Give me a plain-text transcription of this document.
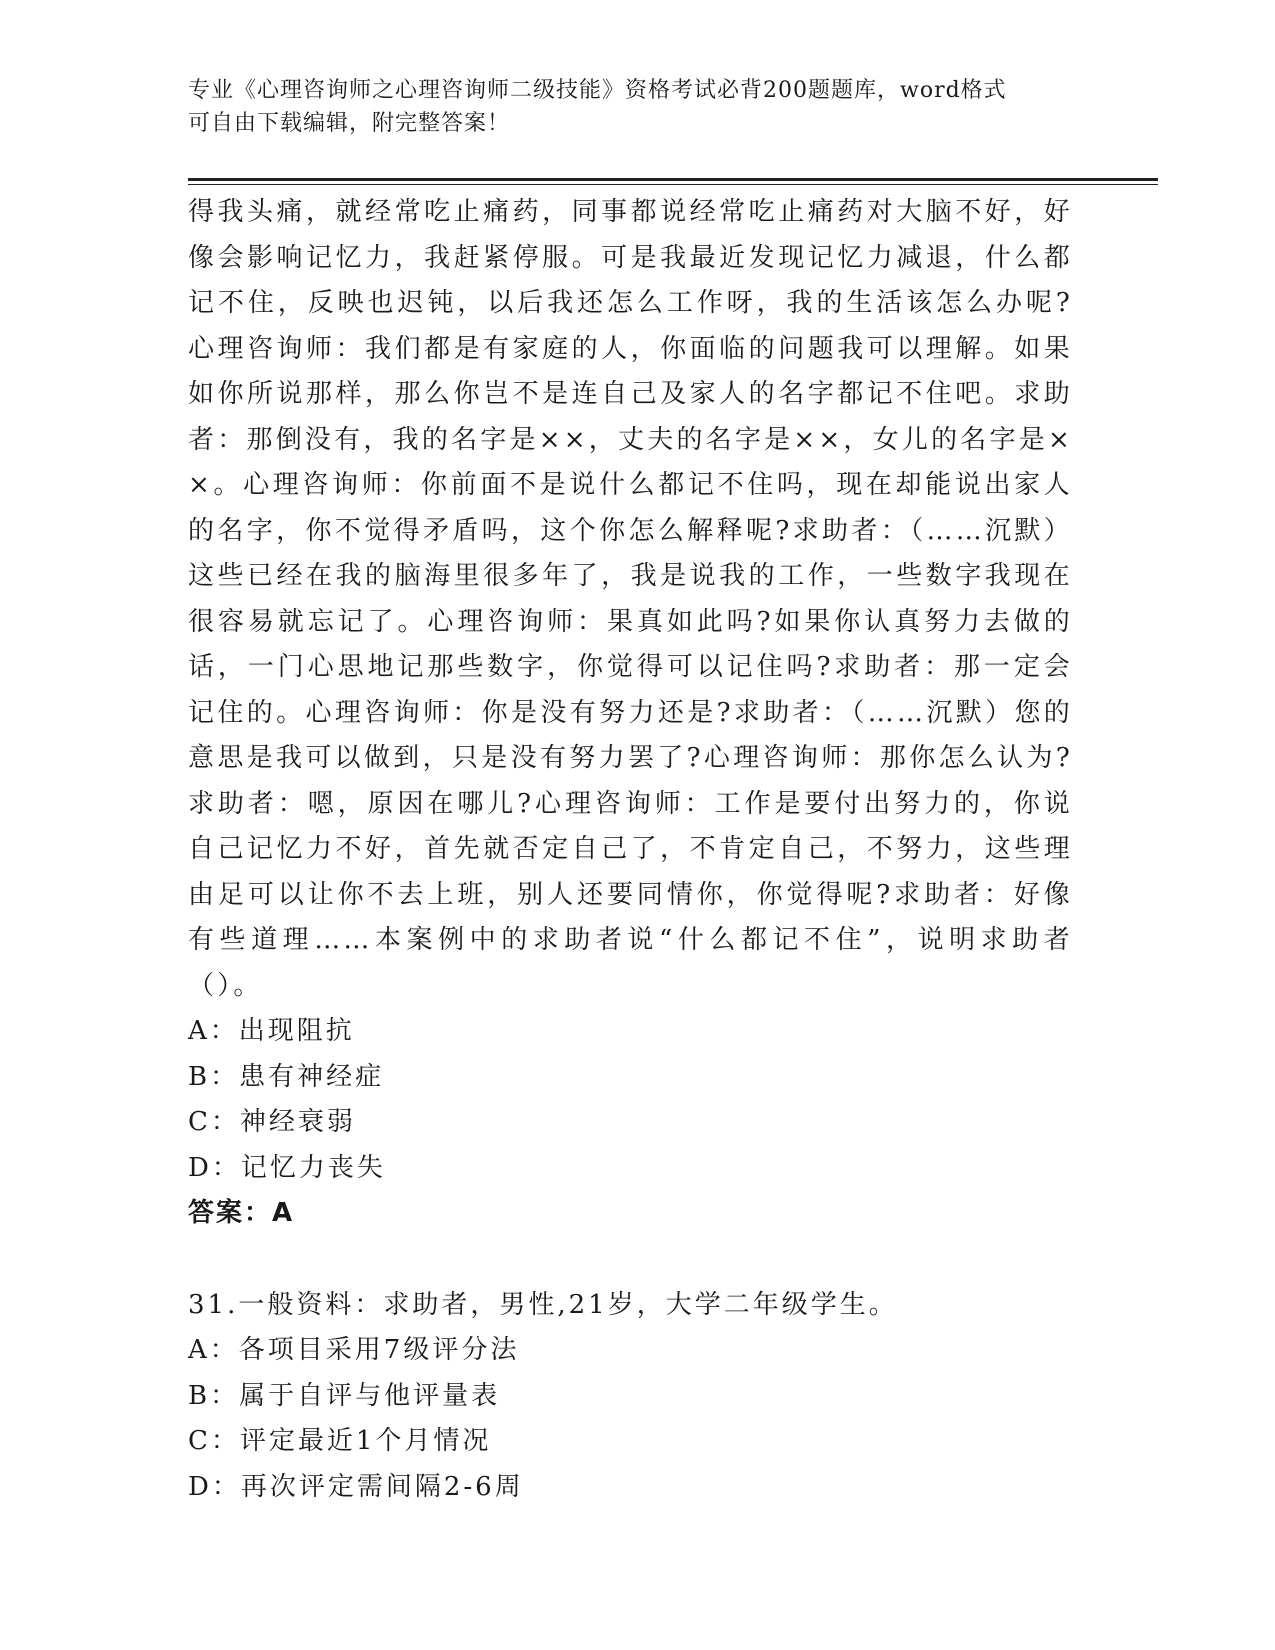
专业《心理咨询师之心理咨询师二级技能》资格考试必背200题题库，word格式
可自由下载编辑，附完整答案！

得我头痛，就经常吃止痛药，同事都说经常吃止痛药对大脑不好，好像会影响记忆力，我赶紧停服。可是我最近发现记忆力减退，什么都记不住，反映也迟钝，以后我还怎么工作呀，我的生活该怎么办呢?心理咨询师：我们都是有家庭的人，你面临的问题我可以理解。如果如你所说那样，那么你岂不是连自己及家人的名字都记不住吧。求助者：那倒没有，我的名字是××，丈夫的名字是××，女儿的名字是××。心理咨询师：你前面不是说什么都记不住吗，现在却能说出家人的名字，你不觉得矛盾吗，这个你怎么解释呢?求助者：（……沉默）这些已经在我的脑海里很多年了，我是说我的工作，一些数字我现在很容易就忘记了。心理咨询师：果真如此吗?如果你认真努力去做的话，一门心思地记那些数字，你觉得可以记住吗?求助者：那一定会记住的。心理咨询师：你是没有努力还是?求助者：（……沉默）您的意思是我可以做到，只是没有努力罢了?心理咨询师：那你怎么认为?求助者：嗯，原因在哪儿?心理咨询师：工作是要付出努力的，你说自己记忆力不好，首先就否定自己了，不肯定自己，不努力，这些理由足可以让你不去上班，别人还要同情你，你觉得呢?求助者：好像有些道理……本案例中的求助者说“什么都记不住”，说明求助者（）。

A：出现阻抗

B：患有神经症

C：神经衰弱

D：记忆力丧失

答案：A

31.一般资料：求助者，男性,21岁，大学二年级学生。

A：各项目采用7级评分法

B：属于自评与他评量表

C：评定最近1个月情况

D：再次评定需间隔2-6周
